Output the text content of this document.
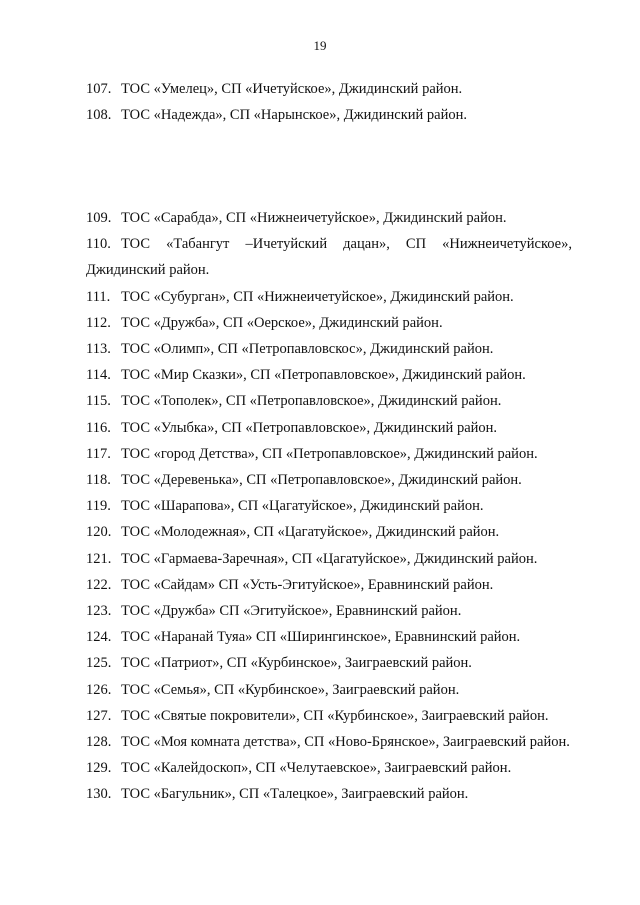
19
107. ТОС «Умелец», СП «Ичетуйское», Джидинский район.
108. ТОС «Надежда», СП «Нарынское», Джидинский район.
109. ТОС «Сарабда», СП «Нижнеичетуйское», Джидинский район.
110. ТОС «Табангут –Ичетуйский дацан», СП «Нижнеичетуйское», Джидинский район.
111. ТОС «Субурган», СП «Нижнеичетуйское», Джидинский район.
112. ТОС «Дружба», СП «Оерское», Джидинский район.
113. ТОС «Олимп», СП «Петропавловскос», Джидинский район.
114. ТОС «Мир Сказки», СП «Петропавловское», Джидинский район.
115. ТОС «Тополек», СП «Петропавловское», Джидинский район.
116. ТОС «Улыбка», СП «Петропавловское», Джидинский район.
117. ТОС «город Детства», СП «Петропавловское», Джидинский район.
118. ТОС «Деревенька», СП «Петропавловское», Джидинский район.
119. ТОС «Шарапова», СП «Цагатуйское», Джидинский район.
120. ТОС «Молодежная», СП «Цагатуйское», Джидинский район.
121. ТОС «Гармаева-Заречная», СП «Цагатуйское», Джидинский район.
122. ТОС «Сайдам» СП «Усть-Эгитуйское», Еравнинский район.
123. ТОС «Дружба» СП «Эгитуйское», Еравнинский район.
124. ТОС «Наранай Туяа» СП «Ширингинское», Еравнинский район.
125. ТОС «Патриот», СП «Курбинское», Заиграевский район.
126. ТОС «Семья», СП «Курбинское», Заиграевский район.
127. ТОС «Святые покровители», СП «Курбинское», Заиграевский район.
128. ТОС «Моя комната детства», СП «Ново-Брянское», Заиграевский район.
129. ТОС «Калейдоскоп», СП «Челутаевское», Заиграевский район.
130. ТОС «Багульник», СП «Талецкое», Заиграевский район.
